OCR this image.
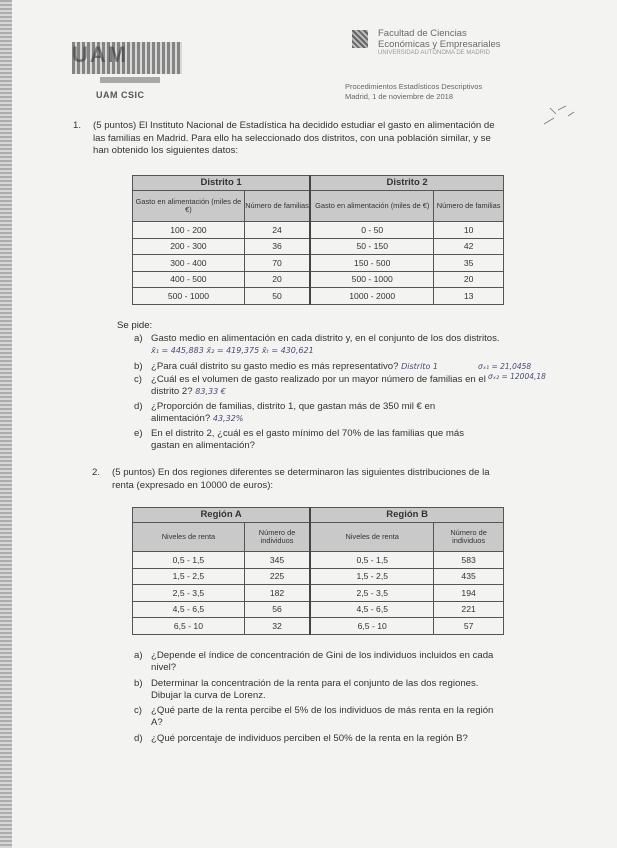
UAM
UAM CSIC
Facultad de Ciencias
Económicas y Empresariales
UNIVERSIDAD AUTÓNOMA DE MADRID
Procedimientos Estadísticos Descriptivos
Madrid, 1 de noviembre de 2018
1. (5 puntos) El Instituto Nacional de Estadística ha decidido estudiar el gasto en alimentación de las familias en Madrid. Para ello ha seleccionado dos distritos, con una población similar, y se han obtenido los siguientes datos:
Distrito 1		Distrito 2	
Gasto en alimentación (miles de €)	Número de familias	Gasto en alimentación (miles de €)	Número de familias
100 - 200	24	0 - 50	10
200 - 300	36	50 - 150	42
300 - 400	70	150 - 500	35
400 - 500	20	500 - 1000	20
500 - 1000	50	1000 - 2000	13
Se pide:
a) Gasto medio en alimentación en cada distrito y, en el conjunto de los dos distritos. x̄₁ = 445,883 x̄₂ = 419,375 x̄ₜ = 430,621
b) ¿Para cuál distrito su gasto medio es más representativo? Distrito 1
c) ¿Cuál es el volumen de gasto realizado por un mayor número de familias en el distrito 2? 83,33 €
d) ¿Proporción de familias, distrito 1, que gastan más de 350 mil € en alimentación? 43,32%
e) En el distrito 2, ¿cuál es el gasto mínimo del 70% de las familias que más gastan en alimentación?
σₓ₁ = 21,0458
σₓ₂ = 12004,18
2. (5 puntos) En dos regiones diferentes se determinaron las siguientes distribuciones de la renta (expresado en 10000 de euros):
Región A		Región B	
Niveles de renta	Número de individuos	Niveles de renta	Número de individuos
0,5 - 1,5	345	0,5 - 1,5	583
1,5 - 2,5	225	1,5 - 2,5	435
2,5 - 3,5	182	2,5 - 3,5	194
4,5 - 6,5	56	4,5 - 6,5	221
6,5 - 10	32	6,5 - 10	57
a) ¿Depende el índice de concentración de Gini de los individuos incluidos en cada nivel?
b) Determinar la concentración de la renta para el conjunto de las dos regiones. Dibujar la curva de Lorenz.
c) ¿Qué parte de la renta percibe el 5% de los individuos de más renta en la región A?
d) ¿Qué porcentaje de individuos perciben el 50% de la renta en la región B?
